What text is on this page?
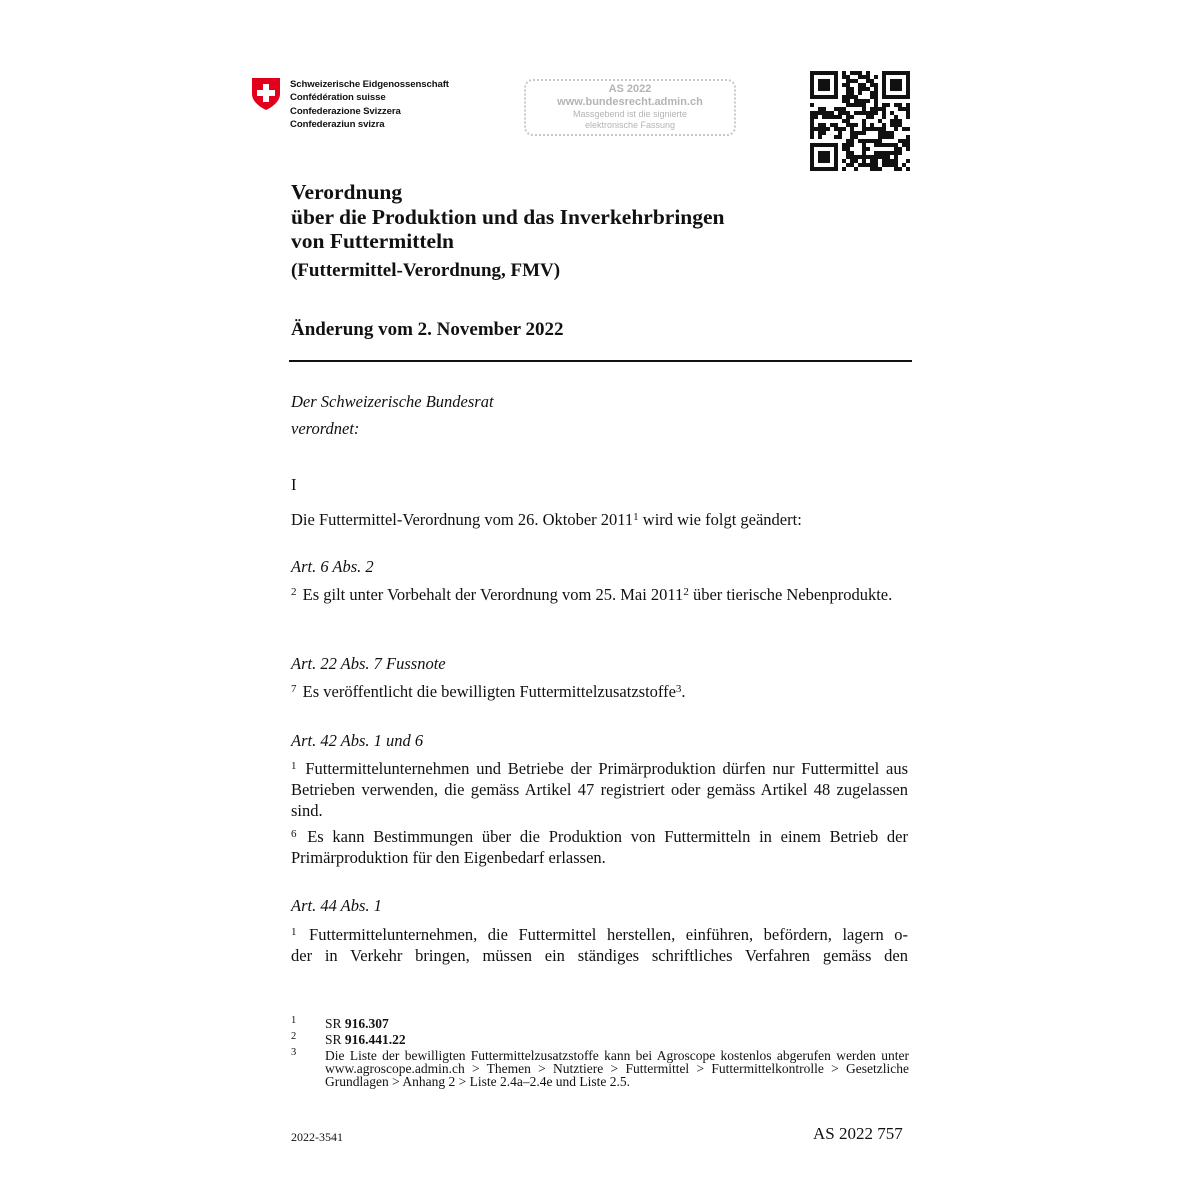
Schweizerische Eidgenossenschaft
Confédération suisse
Confederazione Svizzera
Confederaziun svizra
AS 2022
www.bundesrecht.admin.ch
Massgebend ist die signierte
elektronische Fassung
Verordnung
über die Produktion und das Inverkehrbringen
von Futtermitteln
(Futtermittel-Verordnung, FMV)
Änderung vom 2. November 2022
Der Schweizerische Bundesrat
verordnet:
I
Die Futtermittel-Verordnung vom 26. Oktober 2011$^1$ wird wie folgt geändert:
Art. 6 Abs. 2
$^2$ Es gilt unter Vorbehalt der Verordnung vom 25. Mai 2011$^2$ über tierische Nebenprodukte.
Art. 22 Abs. 7 Fussnote
$^7$ Es veröffentlicht die bewilligten Futtermittelzusatzstoffe$^3$.
Art. 42 Abs. 1 und 6
$^1$ Futtermittelunternehmen und Betriebe der Primärproduktion dürfen nur Futtermittel aus Betrieben verwenden, die gemäss Artikel 47 registriert oder gemäss Artikel 48 zugelassen sind.
$^6$ Es kann Bestimmungen über die Produktion von Futtermitteln in einem Betrieb der Primärproduktion für den Eigenbedarf erlassen.
Art. 44 Abs. 1
$^1$ Futtermittelunternehmen, die Futtermittel herstellen, einführen, befördern, lagern o-
der in Verkehr bringen, müssen ein ständiges schriftliches Verfahren gemäss den
1 SR 916.307
2 SR 916.441.22
3 Die Liste der bewilligten Futtermittelzusatzstoffe kann bei Agroscope kostenlos abgerufen werden unter www.agroscope.admin.ch > Themen > Nutztiere > Futtermittel > Futtermittelkontrolle > Gesetzliche Grundlagen > Anhang 2 > Liste 2.4a–2.4e und Liste 2.5.
2022-3541	AS 2022 757
